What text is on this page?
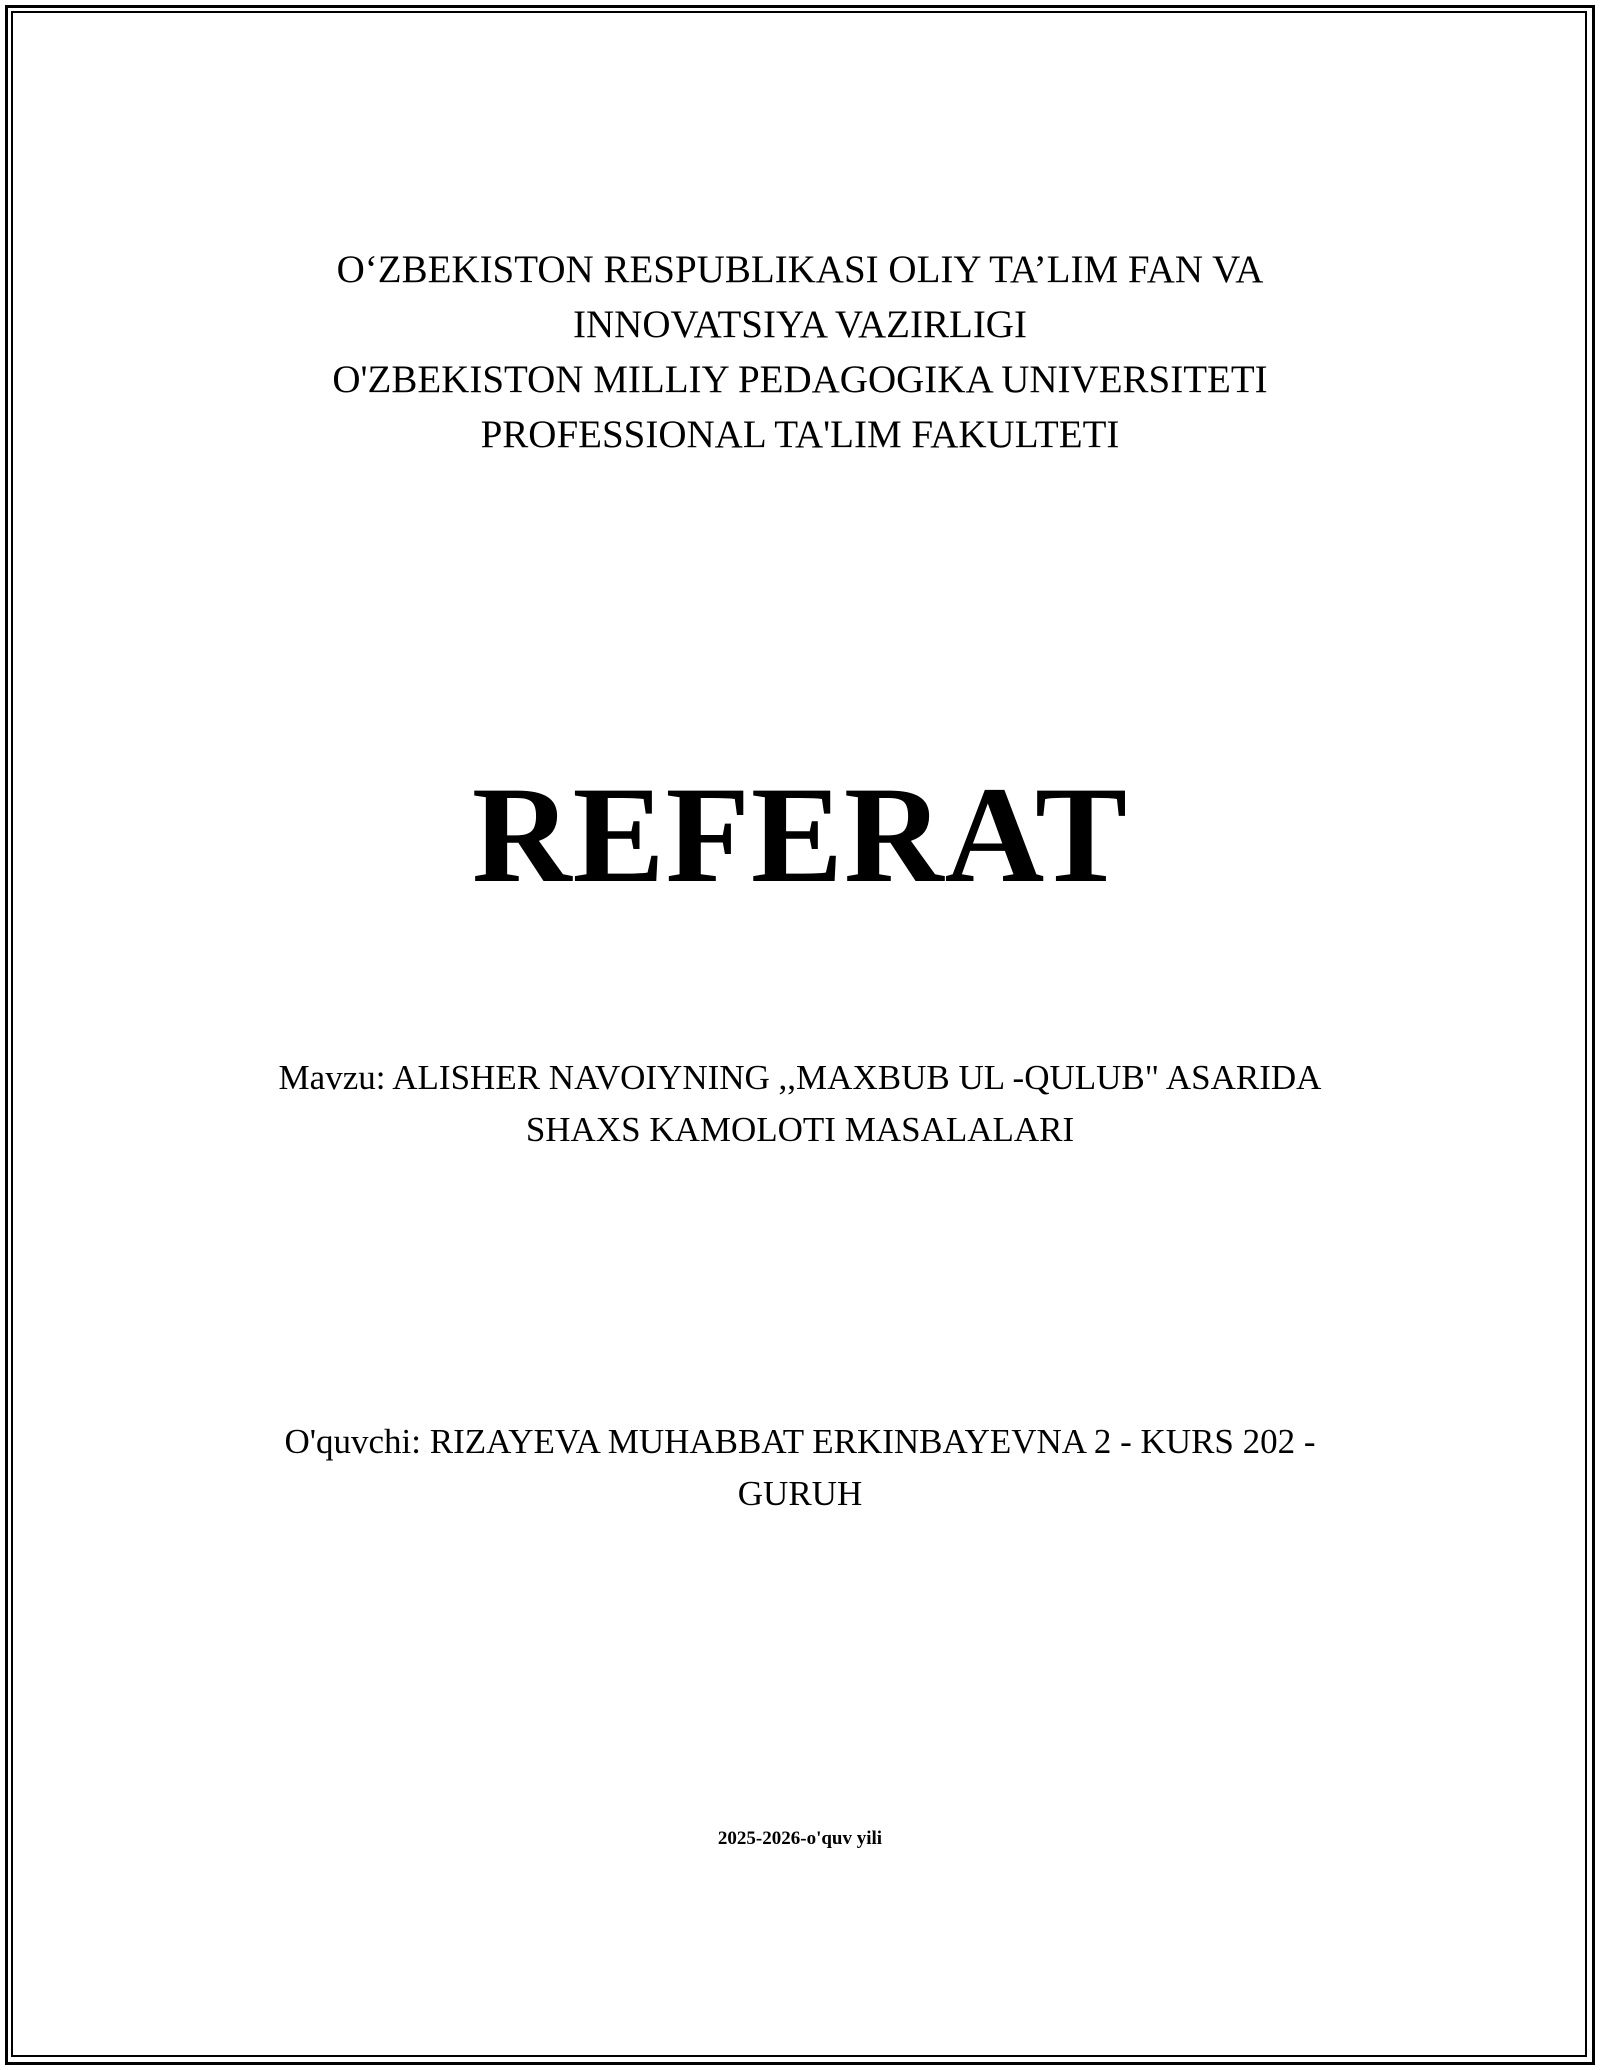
O‘ZBEKISTON RESPUBLIKASI OLIY TA’LIM FAN VA
INNOVATSIYA VAZIRLIGI
O'ZBEKISTON MILLIY PEDAGOGIKA UNIVERSITETI
PROFESSIONAL TA'LIM FAKULTETI
REFERAT
Mavzu: ALISHER NAVOIYNING ,,MAXBUB UL -QULUB" ASARIDA
SHAXS KAMOLOTI MASALALARI
O'quvchi: RIZAYEVA MUHABBAT ERKINBAYEVNA 2 - KURS 202 -
GURUH
2025-2026-o'quv yili
